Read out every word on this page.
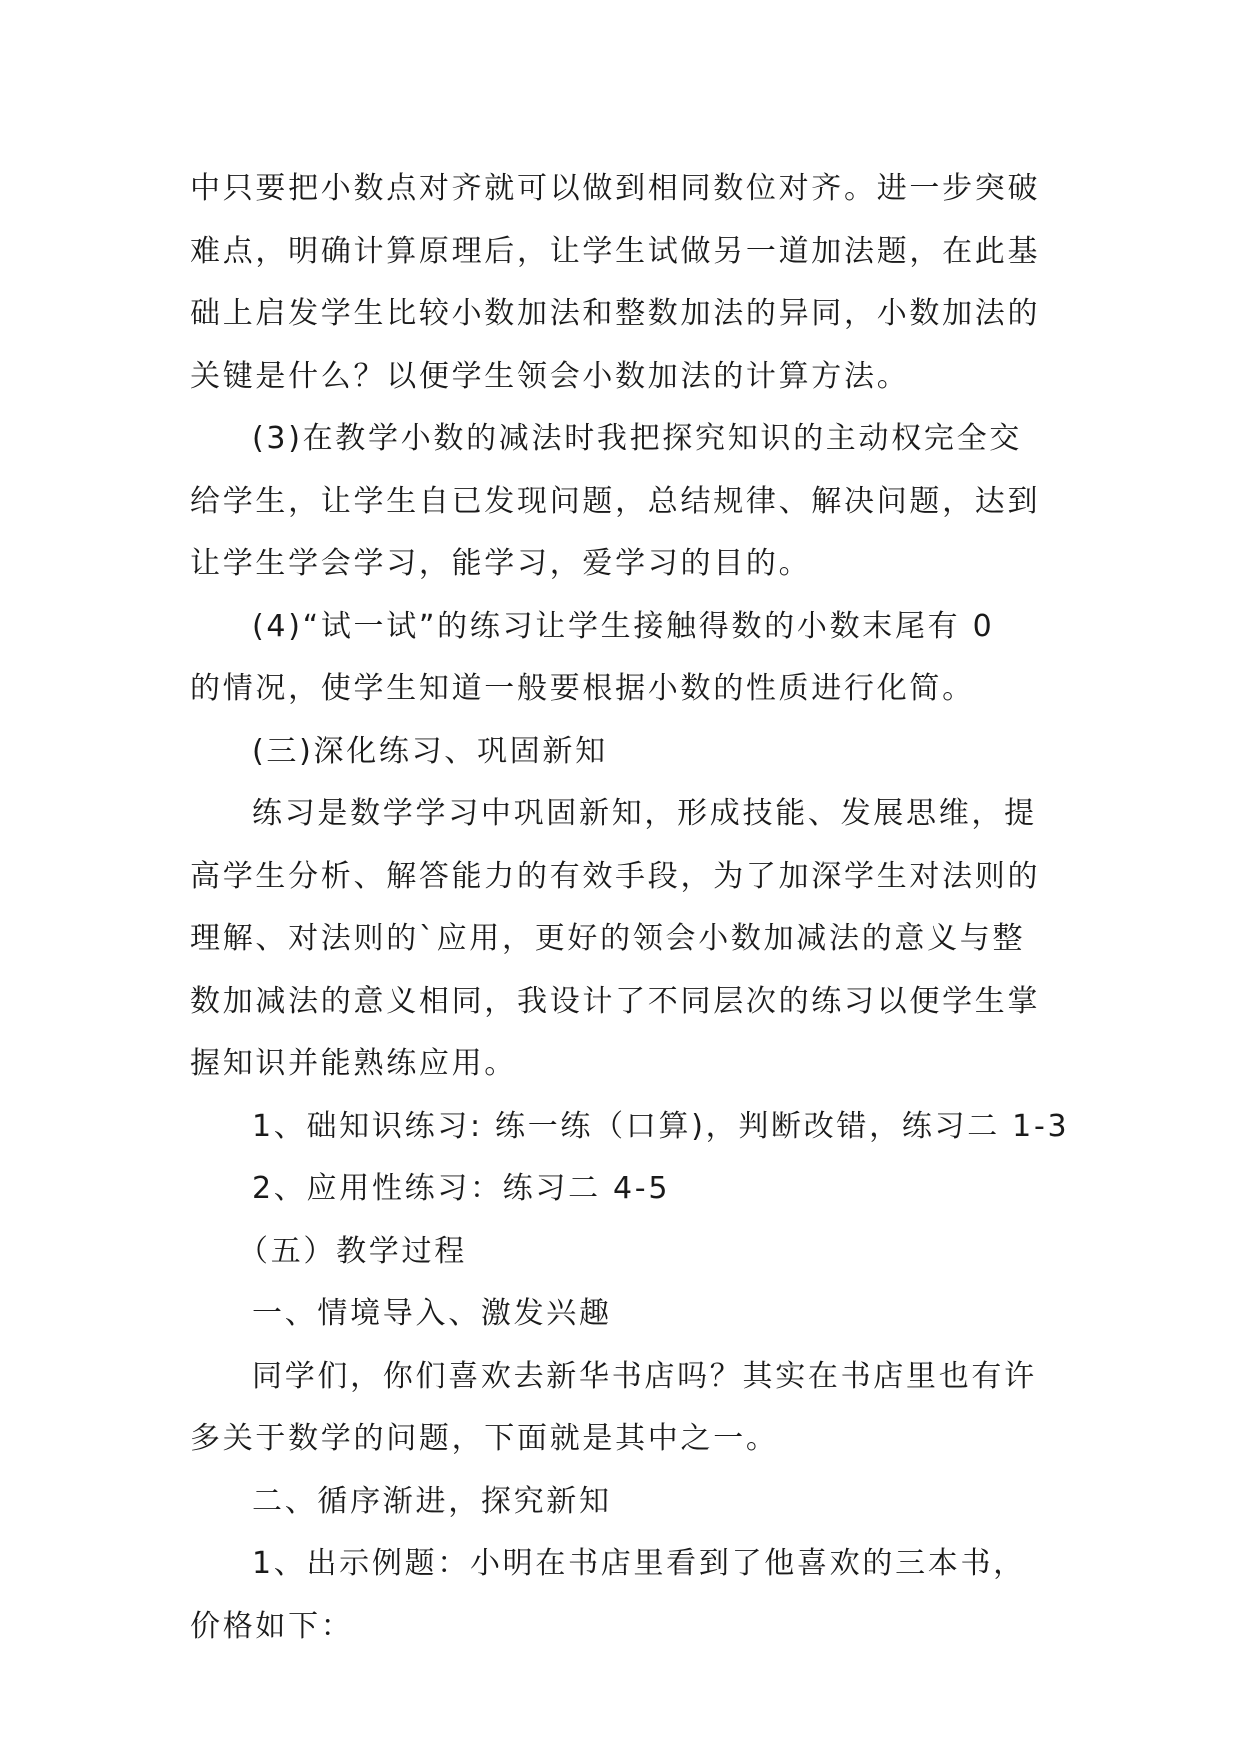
中只要把小数点对齐就可以做到相同数位对齐。进一步突破
难点，明确计算原理后，让学生试做另一道加法题，在此基
础上启发学生比较小数加法和整数加法的异同，小数加法的
关键是什么？以便学生领会小数加法的计算方法。
(3)在教学小数的减法时我把探究知识的主动权完全交
给学生，让学生自已发现问题，总结规律、解决问题，达到
让学生学会学习，能学习，爱学习的目的。
(4)“试一试”的练习让学生接触得数的小数末尾有 0
的情况，使学生知道一般要根据小数的性质进行化简。
(三)深化练习、巩固新知
练习是数学学习中巩固新知，形成技能、发展思维，提
高学生分析、解答能力的有效手段，为了加深学生对法则的
理解、对法则的`应用，更好的领会小数加减法的意义与整
数加减法的意义相同，我设计了不同层次的练习以便学生掌
握知识并能熟练应用。
1、础知识练习: 练一练（口算)，判断改错，练习二 1-3
2、应用性练习：练习二 4-5
（五）教学过程
一、情境导入、激发兴趣
同学们，你们喜欢去新华书店吗？其实在书店里也有许
多关于数学的问题，下面就是其中之一。
二、循序渐进，探究新知
1、出示例题：小明在书店里看到了他喜欢的三本书，
价格如下：
